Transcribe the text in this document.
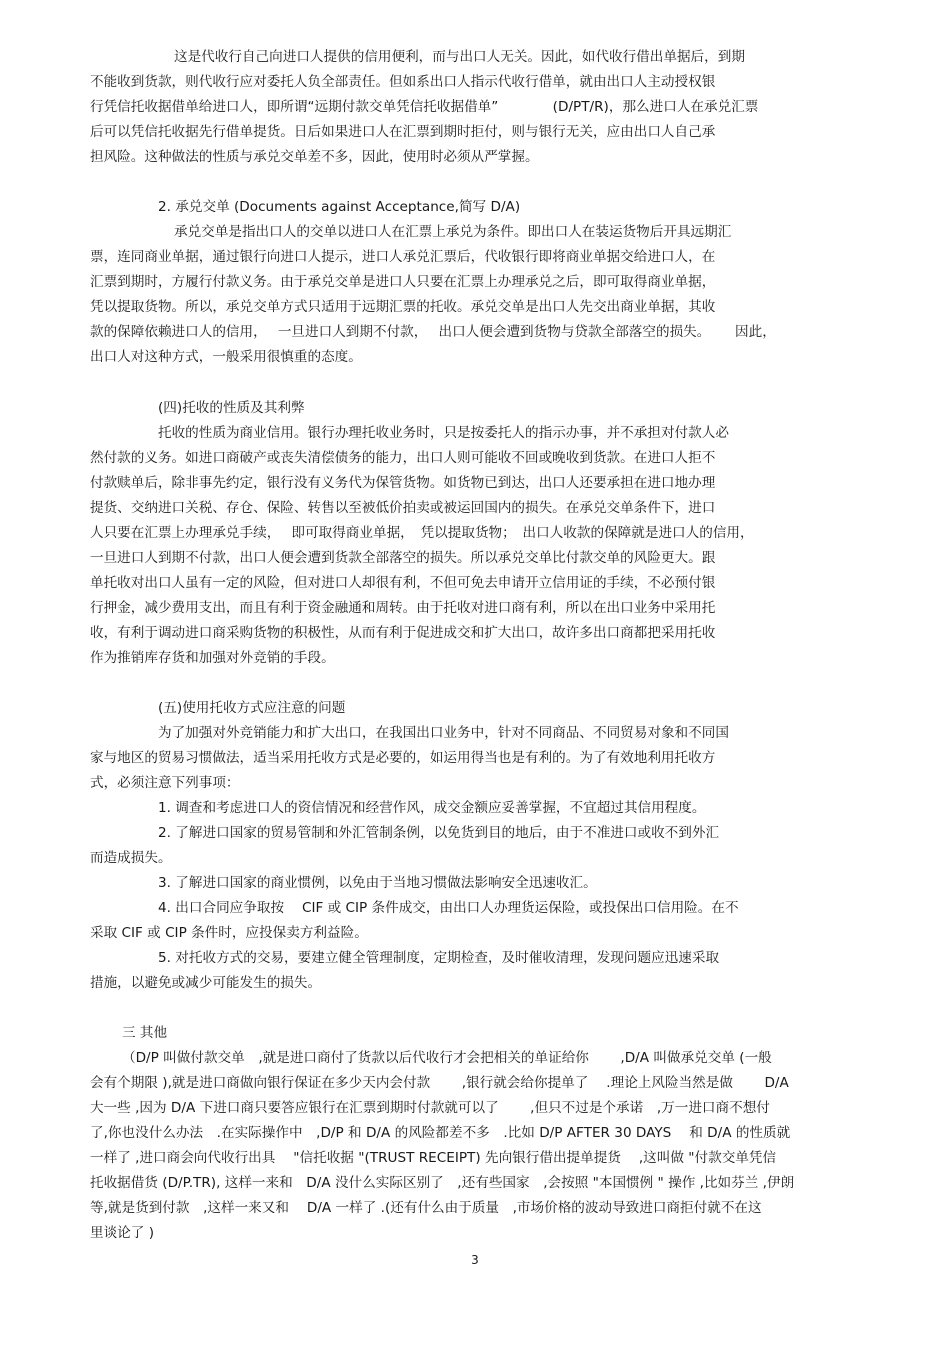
这是代收行自己向进口人提供的信用便利，而与出口人无关。因此，如代收行借出单据后，到期
不能收到货款，则代收行应对委托人负全部责任。但如系出口人指示代收行借单，就由出口人主动授权银
行凭信托收据借单给进口人，即所谓“远期付款交单凭信托收据借单”　　　　(D/PT/R)，那么进口人在承兑汇票
后可以凭信托收据先行借单提货。日后如果进口人在汇票到期时拒付，则与银行无关，应由出口人自己承
担风险。这种做法的性质与承兑交单差不多，因此，使用时必须从严掌握。
2. 承兑交单 (Documents against Acceptance,简写 D/A)
承兑交单是指出口人的交单以进口人在汇票上承兑为条件。即出口人在装运货物后开具远期汇
票，连同商业单据，通过银行向进口人提示，进口人承兑汇票后，代收银行即将商业单据交给进口人，在
汇票到期时，方履行付款义务。由于承兑交单是进口人只要在汇票上办理承兑之后，即可取得商业单据，
凭以提取货物。所以，承兑交单方式只适用于远期汇票的托收。承兑交单是出口人先交出商业单据，其收
款的保障依赖进口人的信用，　 一旦进口人到期不付款，　 出口人便会遭到货物与贷款全部落空的损失。　　 因此，
出口人对这种方式，一般采用很慎重的态度。
(四)托收的性质及其利弊
托收的性质为商业信用。银行办理托收业务时，只是按委托人的指示办事，并不承担对付款人必
然付款的义务。如进口商破产或丧失清偿债务的能力，出口人则可能收不回或晚收到货款。在进口人拒不
付款赎单后，除非事先约定，银行没有义务代为保管货物。如货物已到达，出口人还要承担在进口地办理
提货、交纳进口关税、存仓、保险、转售以至被低价拍卖或被运回国内的损失。在承兑交单条件下，进口
人只要在汇票上办理承兑手续，　 即可取得商业单据，　凭以提取货物；　出口人收款的保障就是进口人的信用，
一旦进口人到期不付款，出口人便会遭到货款全部落空的损失。所以承兑交单比付款交单的风险更大。跟
单托收对出口人虽有一定的风险，但对进口人却很有利，不但可免去申请开立信用证的手续，不必预付银
行押金，减少费用支出，而且有利于资金融通和周转。由于托收对进口商有利，所以在出口业务中采用托
收，有利于调动进口商采购货物的积极性，从而有利于促进成交和扩大出口，故许多出口商都把采用托收
作为推销库存货和加强对外竞销的手段。
(五)使用托收方式应注意的问题
为了加强对外竞销能力和扩大出口，在我国出口业务中，针对不同商品、不同贸易对象和不同国
家与地区的贸易习惯做法，适当采用托收方式是必要的，如运用得当也是有利的。为了有效地利用托收方
式，必须注意下列事项：
1. 调查和考虑进口人的资信情况和经营作风，成交金额应妥善掌握，不宜超过其信用程度。
2. 了解进口国家的贸易管制和外汇管制条例，以免货到目的地后，由于不准进口或收不到外汇
而造成损失。
3. 了解进口国家的商业惯例，以免由于当地习惯做法影响安全迅速收汇。
4. 出口合同应争取按　 CIF 或 CIP 条件成交，由出口人办理货运保险，或投保出口信用险。在不
采取 CIF 或 CIP 条件时，应投保卖方利益险。
5. 对托收方式的交易，要建立健全管理制度，定期检查，及时催收清理，发现问题应迅速采取
措施，以避免或减少可能发生的损失。
三 其他
（D/P 叫做付款交单　,就是进口商付了货款以后代收行才会把相关的单证给你　　 ,D/A 叫做承兑交单 (一般
会有个期限 ),就是进口商做向银行保证在多少天内会付款　　 ,银行就会给你提单了　 .理论上风险当然是做　　 D/A
大一些 ,因为 D/A 下进口商只要答应银行在汇票到期时付款就可以了　　 ,但只不过是个承诺　,万一进口商不想付
了,你也没什么办法　.在实际操作中　,D/P 和 D/A 的风险都差不多　.比如 D/P AFTER 30 DAYS　 和 D/A 的性质就
一样了 ,进口商会向代收行出具　 "信托收据 "(TRUST RECEIPT) 先向银行借出提单提货　 ,这叫做 "付款交单凭信
托收据借货 (D/P.TR), 这样一来和　D/A 没什么实际区别了　,还有些国家　,会按照 "本国惯例 " 操作 ,比如芬兰 ,伊朗
等,就是货到付款　,这样一来又和　 D/A 一样了 .(还有什么由于质量　,市场价格的波动导致进口商拒付就不在这
里谈论了 )
3
